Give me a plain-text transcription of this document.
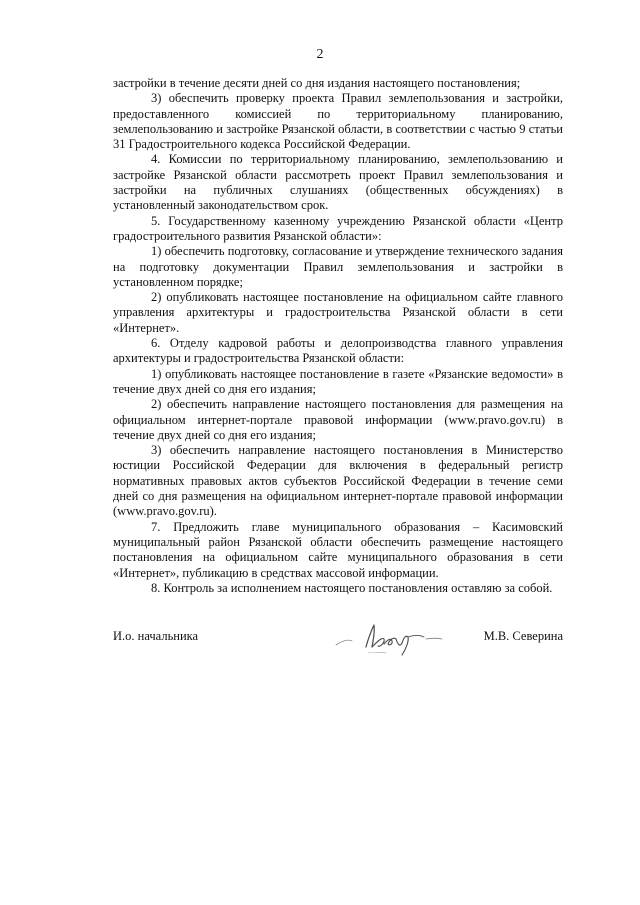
2

застройки в течение десяти дней со дня издания настоящего постановления;

3) обеспечить проверку проекта Правил землепользования и застройки, предоставленного комиссией по территориальному планированию, землепользованию и застройке Рязанской области, в соответствии с частью 9 статьи 31 Градостроительного кодекса Российской Федерации.

4. Комиссии по территориальному планированию, землепользованию и застройке Рязанской области рассмотреть проект Правил землепользования и застройки на публичных слушаниях (общественных обсуждениях) в установленный законодательством срок.

5. Государственному казенному учреждению Рязанской области «Центр градостроительного развития Рязанской области»:

1) обеспечить подготовку, согласование и утверждение технического задания на подготовку документации Правил землепользования и застройки в установленном порядке;

2) опубликовать настоящее постановление на официальном сайте главного управления архитектуры и градостроительства Рязанской области в сети «Интернет».

6. Отделу кадровой работы и делопроизводства главного управления архитектуры и градостроительства Рязанской области:

1) опубликовать настоящее постановление в газете «Рязанские ведомости» в течение двух дней со дня его издания;

2) обеспечить направление настоящего постановления для размещения на официальном интернет-портале правовой информации (www.pravo.gov.ru) в течение двух дней со дня его издания;

3) обеспечить направление настоящего постановления в Министерство юстиции Российской Федерации для включения в федеральный регистр нормативных правовых актов субъектов Российской Федерации в течение семи дней со дня размещения на официальном интернет-портале правовой информации (www.pravo.gov.ru).

7. Предложить главе муниципального образования – Касимовский муниципальный район Рязанской области обеспечить размещение настоящего постановления на официальном сайте муниципального образования в сети «Интернет», публикацию в средствах массовой информации.

8. Контроль за исполнением настоящего постановления оставляю за собой.

И.о. начальника	М.В. Северина
